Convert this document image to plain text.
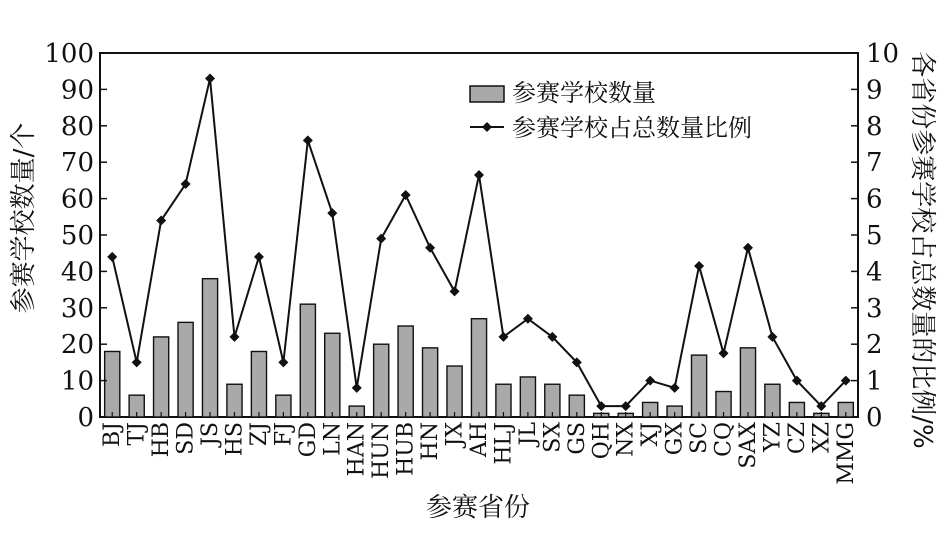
0
10
20
30
40
50
60
70
80
90
100
0
1
2
3
4
5
6
7
8
9
10
BJ TJ HB SD JS HS ZJ FJ GD LN HAN HUN HUB HN JX AH HLJ JL SX GS QH NX XJ GX SC CQ SAX YZ CZ XZ MMG
参赛学校数量/个	各省份参赛学校占总数量的比例/%
参赛省份
参赛学校数量
参赛学校占总数量比例
